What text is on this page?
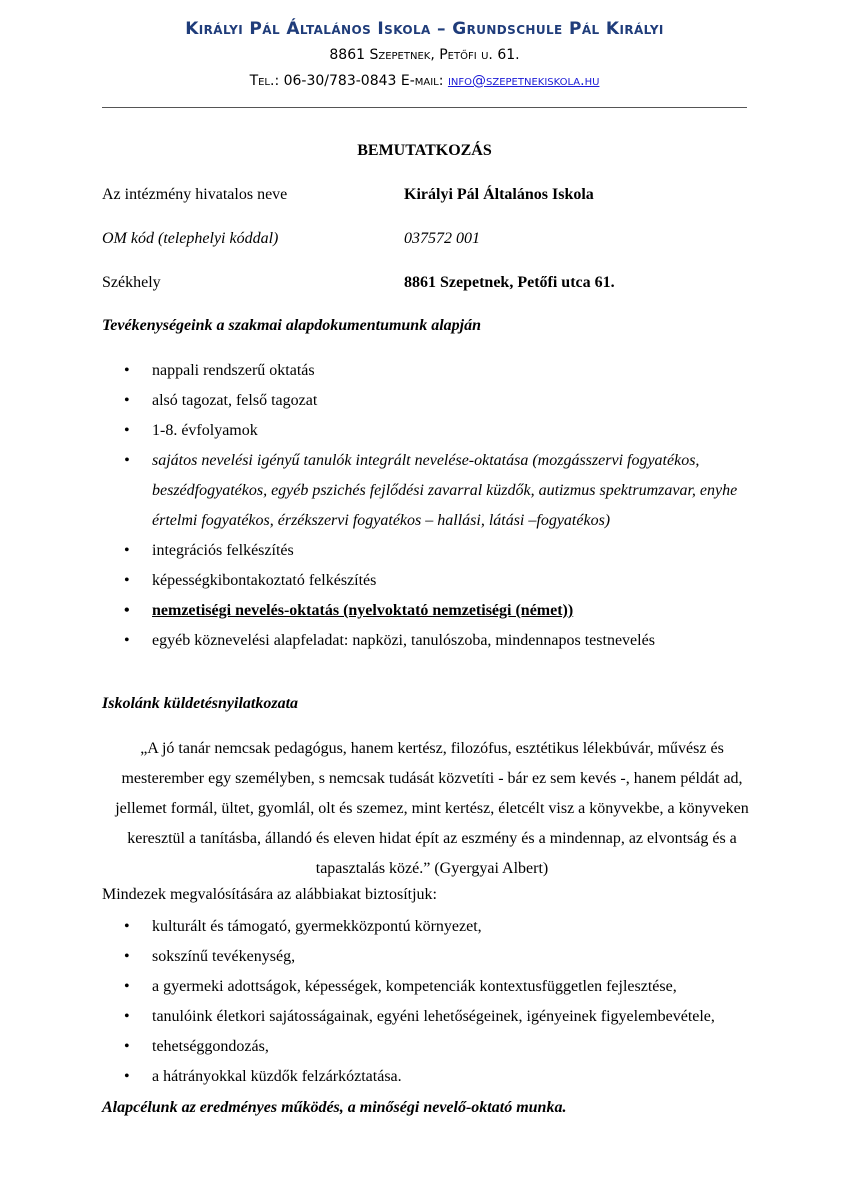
Királyi Pál Általános Iskola – Grundschule Pál Királyi
8861 Szepetnek, Petőfi u. 61.
Tel.: 06-30/783-0843 E-mail: info@szepetnekiskola.hu
BEMUTATKOZÁS
Az intézmény hivatalos neve	Királyi Pál Általános Iskola
OM kód (telephelyi kóddal)	037572 001
Székhely	8861 Szepetnek, Petőfi utca 61.
Tevékenységeink a szakmai alapdokumentumunk alapján
• nappali rendszerű oktatás
• alsó tagozat, felső tagozat
• 1-8. évfolyamok
• sajátos nevelési igényű tanulók integrált nevelése-oktatása (mozgásszervi fogyatékos, beszédfogyatékos, egyéb pszichés fejlődési zavarral küzdők, autizmus spektrumzavar, enyhe értelmi fogyatékos, érzékszervi fogyatékos – hallási, látási –fogyatékos)
• integrációs felkészítés
• képességkibontakoztató felkészítés
• nemzetiségi nevelés-oktatás (nyelvoktató nemzetiségi (német))
• egyéb köznevelési alapfeladat: napközi, tanulószoba, mindennapos testnevelés
Iskolánk küldetésnyilatkozata
„A jó tanár nemcsak pedagógus, hanem kertész, filozófus, esztétikus lélekbúvár, művész és mesterember egy személyben, s nemcsak tudását közvetíti - bár ez sem kevés -, hanem példát ad, jellemet formál, ültet, gyomlál, olt és szemez, mint kertész, életcélt visz a könyvekbe, a könyveken keresztül a tanításba, állandó és eleven hidat épít az eszmény és a mindennap, az elvontság és a tapasztalás közé.” (Gyergyai Albert)
Mindezek megvalósítására az alábbiakat biztosítjuk:
• kulturált és támogató, gyermekközpontú környezet,
• sokszínű tevékenység,
• a gyermeki adottságok, képességek, kompetenciák kontextusfüggetlen fejlesztése,
• tanulóink életkori sajátosságainak, egyéni lehetőségeinek, igényeinek figyelembevétele,
• tehetséggondozás,
• a hátrányokkal küzdők felzárkóztatása.
Alapcélunk az eredményes működés, a minőségi nevelő-oktató munka.
